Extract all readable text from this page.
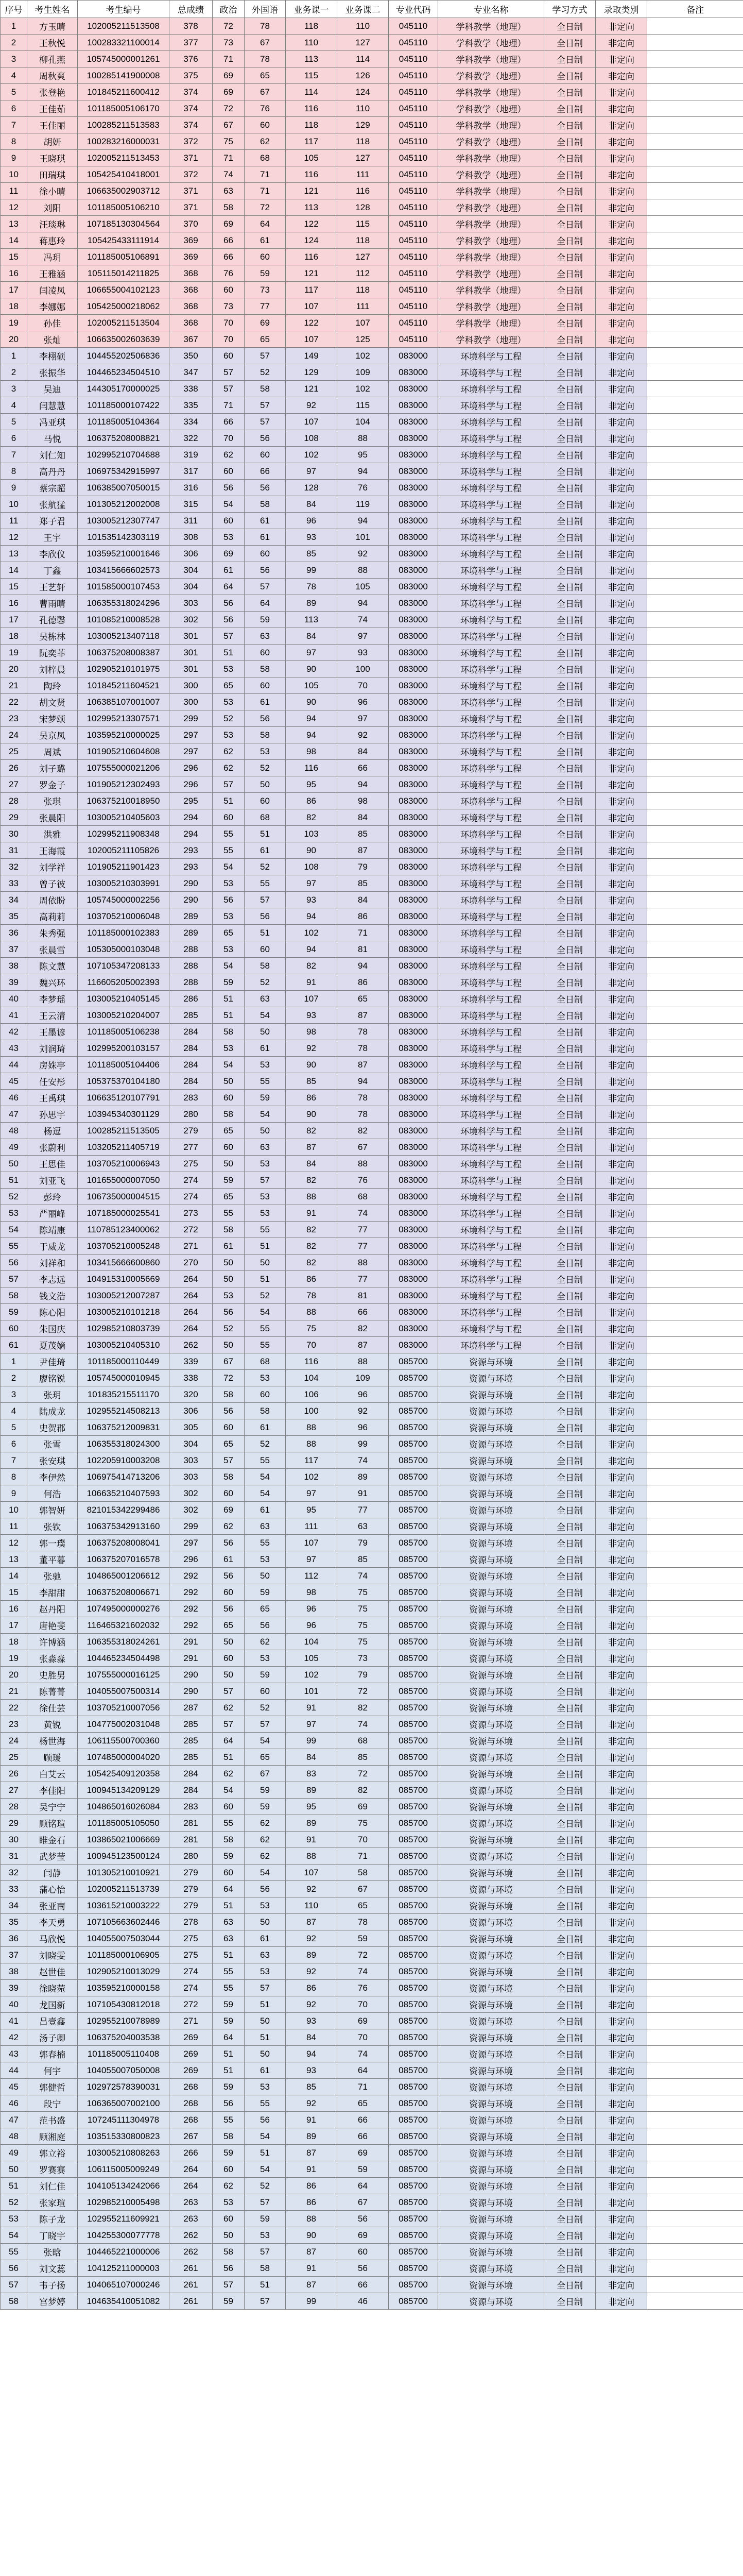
序号	考生姓名	考生编号	总成绩	政治	外国语	业务课一	业务课二	专业代码	专业名称	学习方式	录取类别	备注
1	方玉晴	102005211513508	378	72	78	118	110	045110	学科教学（地理）	全日制	非定向	
2	王秋悦	100283321100014	377	73	67	110	127	045110	学科教学（地理）	全日制	非定向	
3	柳孔燕	105745000001261	376	71	78	113	114	045110	学科教学（地理）	全日制	非定向	
4	周秋爽	100285141900008	375	69	65	115	126	045110	学科教学（地理）	全日制	非定向	
5	张登艳	101845211600412	374	69	67	114	124	045110	学科教学（地理）	全日制	非定向	
6	王佳茹	101185005106170	374	72	76	116	110	045110	学科教学（地理）	全日制	非定向	
7	王佳丽	100285211513583	374	67	60	118	129	045110	学科教学（地理）	全日制	非定向	
8	胡妍	100283216000031	372	75	62	117	118	045110	学科教学（地理）	全日制	非定向	
9	王晓琪	102005211513453	371	71	68	105	127	045110	学科教学（地理）	全日制	非定向	
10	田瑞琪	105425410418001	372	74	71	116	111	045110	学科教学（地理）	全日制	非定向	
11	徐小晴	106635002903712	371	63	71	121	116	045110	学科教学（地理）	全日制	非定向	
12	刘阳	101185005106210	371	58	72	113	128	045110	学科教学（地理）	全日制	非定向	
13	汪琰琳	107185130304564	370	69	64	122	115	045110	学科教学（地理）	全日制	非定向	
14	蒋惠玲	105425433111914	369	66	61	124	118	045110	学科教学（地理）	全日制	非定向	
15	冯玥	101185005106891	369	66	60	116	127	045110	学科教学（地理）	全日制	非定向	
16	王雅涵	105115014211825	368	76	59	121	112	045110	学科教学（地理）	全日制	非定向	
17	闫凌凤	106655004102123	368	60	73	117	118	045110	学科教学（地理）	全日制	非定向	
18	李娜娜	105425000218062	368	73	77	107	111	045110	学科教学（地理）	全日制	非定向	
19	孙佳	102005211513504	368	70	69	122	107	045110	学科教学（地理）	全日制	非定向	
20	张灿	106635002603639	367	70	65	107	125	045110	学科教学（地理）	全日制	非定向	
1	李栩硕	104455202506836	350	60	57	149	102	083000	环境科学与工程	全日制	非定向	
2	张振华	104465234504510	347	57	52	129	109	083000	环境科学与工程	全日制	非定向	
3	吴迪	144305170000025	338	57	58	121	102	083000	环境科学与工程	全日制	非定向	
4	闫慧慧	101185000107422	335	71	57	92	115	083000	环境科学与工程	全日制	非定向	
5	冯亚琪	101185005104364	334	66	57	107	104	083000	环境科学与工程	全日制	非定向	
6	马悦	106375208008821	322	70	56	108	88	083000	环境科学与工程	全日制	非定向	
7	刘仁知	102995210704688	319	62	60	102	95	083000	环境科学与工程	全日制	非定向	
8	高丹丹	106975342915997	317	60	66	97	94	083000	环境科学与工程	全日制	非定向	
9	蔡宗超	106385007050015	316	56	56	128	76	083000	环境科学与工程	全日制	非定向	
10	张航猛	101305212002008	315	54	58	84	119	083000	环境科学与工程	全日制	非定向	
11	郑子君	103005212307747	311	60	61	96	94	083000	环境科学与工程	全日制	非定向	
12	王宇	101535142303119	308	53	61	93	101	083000	环境科学与工程	全日制	非定向	
13	李欣仪	103595210001646	306	69	60	85	92	083000	环境科学与工程	全日制	非定向	
14	丁鑫	103415666602573	304	61	56	99	88	083000	环境科学与工程	全日制	非定向	
15	王艺轩	101585000107453	304	64	57	78	105	083000	环境科学与工程	全日制	非定向	
16	曹雨晴	106355318024296	303	56	64	89	94	083000	环境科学与工程	全日制	非定向	
17	孔德馨	101085210008528	302	56	59	113	74	083000	环境科学与工程	全日制	非定向	
18	吴栋林	103005213407118	301	57	63	84	97	083000	环境科学与工程	全日制	非定向	
19	阮奕菲	106375208008387	301	51	60	97	93	083000	环境科学与工程	全日制	非定向	
20	刘梓晨	102905210101975	301	53	58	90	100	083000	环境科学与工程	全日制	非定向	
21	陶玲	101845211604521	300	65	60	105	70	083000	环境科学与工程	全日制	非定向	
22	胡文贤	106385107001007	300	53	61	90	96	083000	环境科学与工程	全日制	非定向	
23	宋梦颂	102995213307571	299	52	56	94	97	083000	环境科学与工程	全日制	非定向	
24	吴京凤	103595210000025	297	53	58	94	92	083000	环境科学与工程	全日制	非定向	
25	周斌	101905210604608	297	62	53	98	84	083000	环境科学与工程	全日制	非定向	
26	刘子璐	107555000021206	296	62	52	116	66	083000	环境科学与工程	全日制	非定向	
27	罗金子	101905212302493	296	57	50	95	94	083000	环境科学与工程	全日制	非定向	
28	张琪	106375210018950	295	51	60	86	98	083000	环境科学与工程	全日制	非定向	
29	张晨阳	103005210405603	294	60	68	82	84	083000	环境科学与工程	全日制	非定向	
30	洪雅	102995211908348	294	55	51	103	85	083000	环境科学与工程	全日制	非定向	
31	王海霞	102005211105826	293	55	61	90	87	083000	环境科学与工程	全日制	非定向	
32	刘学祥	101905211901423	293	54	52	108	79	083000	环境科学与工程	全日制	非定向	
33	曾子彼	103005210303991	290	53	55	97	85	083000	环境科学与工程	全日制	非定向	
34	周依盼	105745000002256	290	56	57	93	84	083000	环境科学与工程	全日制	非定向	
35	高莉莉	103705210006048	289	53	56	94	86	083000	环境科学与工程	全日制	非定向	
36	朱秀强	101185000102383	289	65	51	102	71	083000	环境科学与工程	全日制	非定向	
37	张晨雪	105305000103048	288	53	60	94	81	083000	环境科学与工程	全日制	非定向	
38	陈文慧	107105347208133	288	54	58	82	94	083000	环境科学与工程	全日制	非定向	
39	魏兴环	116605205002393	288	59	52	91	86	083000	环境科学与工程	全日制	非定向	
40	李梦瑶	103005210405145	286	51	63	107	65	083000	环境科学与工程	全日制	非定向	
41	王云清	103005210204007	285	51	54	93	87	083000	环境科学与工程	全日制	非定向	
42	王墨谚	101185005106238	284	58	50	98	78	083000	环境科学与工程	全日制	非定向	
43	刘润琦	102995200103157	284	53	61	92	78	083000	环境科学与工程	全日制	非定向	
44	房姝亭	101185005104406	284	54	53	90	87	083000	环境科学与工程	全日制	非定向	
45	任安彤	105375370104180	284	50	55	85	94	083000	环境科学与工程	全日制	非定向	
46	王禹琪	106635120107791	283	60	59	86	78	083000	环境科学与工程	全日制	非定向	
47	孙思宇	103945340301129	280	58	54	90	78	083000	环境科学与工程	全日制	非定向	
48	杨逗	100285211513505	279	65	50	82	82	083000	环境科学与工程	全日制	非定向	
49	张蔚利	103205211405719	277	60	63	87	67	083000	环境科学与工程	全日制	非定向	
50	王思佳	103705210006943	275	50	53	84	88	083000	环境科学与工程	全日制	非定向	
51	刘亚飞	101655000007050	274	59	57	82	76	083000	环境科学与工程	全日制	非定向	
52	彭玲	106735000004515	274	65	53	88	68	083000	环境科学与工程	全日制	非定向	
53	严丽峰	107185000025541	273	55	53	91	74	083000	环境科学与工程	全日制	非定向	
54	陈靖康	110785123400062	272	58	55	82	77	083000	环境科学与工程	全日制	非定向	
55	于威龙	103705210005248	271	61	51	82	77	083000	环境科学与工程	全日制	非定向	
56	刘祥和	103415666600860	270	50	50	82	88	083000	环境科学与工程	全日制	非定向	
57	李志远	104915310005669	264	50	51	86	77	083000	环境科学与工程	全日制	非定向	
58	钱文浩	103005212007287	264	53	52	78	81	083000	环境科学与工程	全日制	非定向	
59	陈心阳	103005210101218	264	56	54	88	66	083000	环境科学与工程	全日制	非定向	
60	朱国庆	102985210803739	264	52	55	75	82	083000	环境科学与工程	全日制	非定向	
61	夏茂嫡	103005210405310	262	50	55	70	87	083000	环境科学与工程	全日制	非定向	
1	尹佳琦	101185000110449	339	67	68	116	88	085700	资源与环境	全日制	非定向	
2	廖铭锐	105745000010945	338	72	53	104	109	085700	资源与环境	全日制	非定向	
3	张玥	101835215511170	320	58	60	106	96	085700	资源与环境	全日制	非定向	
4	陆成龙	102955214508213	306	56	58	100	92	085700	资源与环境	全日制	非定向	
5	史贺郡	106375212009831	305	60	61	88	96	085700	资源与环境	全日制	非定向	
6	张雪	106355318024300	304	65	52	88	99	085700	资源与环境	全日制	非定向	
7	张安琪	102205910003208	303	57	55	117	74	085700	资源与环境	全日制	非定向	
8	李伊然	106975414713206	303	58	54	102	89	085700	资源与环境	全日制	非定向	
9	何浩	106635210407593	302	60	54	97	91	085700	资源与环境	全日制	非定向	
10	郭智妍	821015342299486	302	69	61	95	77	085700	资源与环境	全日制	非定向	
11	张钦	106375342913160	299	62	63	111	63	085700	资源与环境	全日制	非定向	
12	郭一璞	106375208008041	297	56	55	107	79	085700	资源与环境	全日制	非定向	
13	董平暮	106375207016578	296	61	53	97	85	085700	资源与环境	全日制	非定向	
14	张驰	104865001206612	292	56	50	112	74	085700	资源与环境	全日制	非定向	
15	李甜甜	106375208006671	292	60	59	98	75	085700	资源与环境	全日制	非定向	
16	赵丹阳	107495000000276	292	56	65	96	75	085700	资源与环境	全日制	非定向	
17	唐艳斐	116465321602032	292	65	56	96	75	085700	资源与环境	全日制	非定向	
18	许博涵	106355318024261	291	50	62	104	75	085700	资源与环境	全日制	非定向	
19	张淼淼	104465234504498	291	60	53	105	73	085700	资源与环境	全日制	非定向	
20	史胜男	107555000016125	290	50	59	102	79	085700	资源与环境	全日制	非定向	
21	陈菁菁	104055007500314	290	57	60	101	72	085700	资源与环境	全日制	非定向	
22	徐仕芸	103705210007056	287	62	52	91	82	085700	资源与环境	全日制	非定向	
23	黄锐	104775002031048	285	57	57	97	74	085700	资源与环境	全日制	非定向	
24	杨世海	106115500700360	285	64	54	99	68	085700	资源与环境	全日制	非定向	
25	顾瑗	107485000004020	285	51	65	84	85	085700	资源与环境	全日制	非定向	
26	白艾云	105425409120358	284	62	67	83	72	085700	资源与环境	全日制	非定向	
27	李佳阳	100945134209129	284	54	59	89	82	085700	资源与环境	全日制	非定向	
28	吴宁宁	104865016026084	283	60	59	95	69	085700	资源与环境	全日制	非定向	
29	顾铭瑄	101185005105050	281	55	62	89	75	085700	资源与环境	全日制	非定向	
30	睢金石	103865021006669	281	58	62	91	70	085700	资源与环境	全日制	非定向	
31	武梦莹	100945123500124	280	59	62	88	71	085700	资源与环境	全日制	非定向	
32	闫静	101305210010921	279	60	54	107	58	085700	资源与环境	全日制	非定向	
33	蒲心怡	102005211513739	279	64	56	92	67	085700	资源与环境	全日制	非定向	
34	张亚南	103615210003222	279	51	53	110	65	085700	资源与环境	全日制	非定向	
35	李天勇	107105663602446	278	63	50	87	78	085700	资源与环境	全日制	非定向	
36	马欣悦	104055007503044	275	63	61	92	59	085700	资源与环境	全日制	非定向	
37	刘晓雯	101185000106905	275	51	63	89	72	085700	资源与环境	全日制	非定向	
38	赵世佳	102905210013029	274	55	53	92	74	085700	资源与环境	全日制	非定向	
39	徐晓菀	103595210000158	274	55	57	86	76	085700	资源与环境	全日制	非定向	
40	龙国新	107105430812018	272	59	51	92	70	085700	资源与环境	全日制	非定向	
41	吕壹鑫	102955210078989	271	59	50	93	69	085700	资源与环境	全日制	非定向	
42	汤子卿	106375204003538	269	64	51	84	70	085700	资源与环境	全日制	非定向	
43	郭春楠	101185005110408	269	51	50	94	74	085700	资源与环境	全日制	非定向	
44	何宇	104055007050008	269	51	61	93	64	085700	资源与环境	全日制	非定向	
45	郭健哲	102972578390031	268	59	53	85	71	085700	资源与环境	全日制	非定向	
46	段宁	106365007002100	268	56	55	92	65	085700	资源与环境	全日制	非定向	
47	范书盛	107245111304978	268	55	56	91	66	085700	资源与环境	全日制	非定向	
48	顾湘庭	103515330800823	267	58	54	89	66	085700	资源与环境	全日制	非定向	
49	郭立裕	103005210808263	266	59	51	87	69	085700	资源与环境	全日制	非定向	
50	罗赛赛	106115005009249	264	60	54	91	59	085700	资源与环境	全日制	非定向	
51	刘仁佳	104105134242066	264	62	52	86	64	085700	资源与环境	全日制	非定向	
52	张家瑄	102985210005498	263	53	57	86	67	085700	资源与环境	全日制	非定向	
53	陈子龙	102955211609921	263	60	59	88	56	085700	资源与环境	全日制	非定向	
54	丁晓宇	104255300077778	262	50	53	90	69	085700	资源与环境	全日制	非定向	
55	张晗	104465221000006	262	58	57	87	60	085700	资源与环境	全日制	非定向	
56	刘文蕊	104125211000003	261	56	58	91	56	085700	资源与环境	全日制	非定向	
57	韦子扬	104065107000246	261	57	51	87	66	085700	资源与环境	全日制	非定向	
58	宫梦婷	104635410051082	261	59	57	99	46	085700	资源与环境	全日制	非定向	
